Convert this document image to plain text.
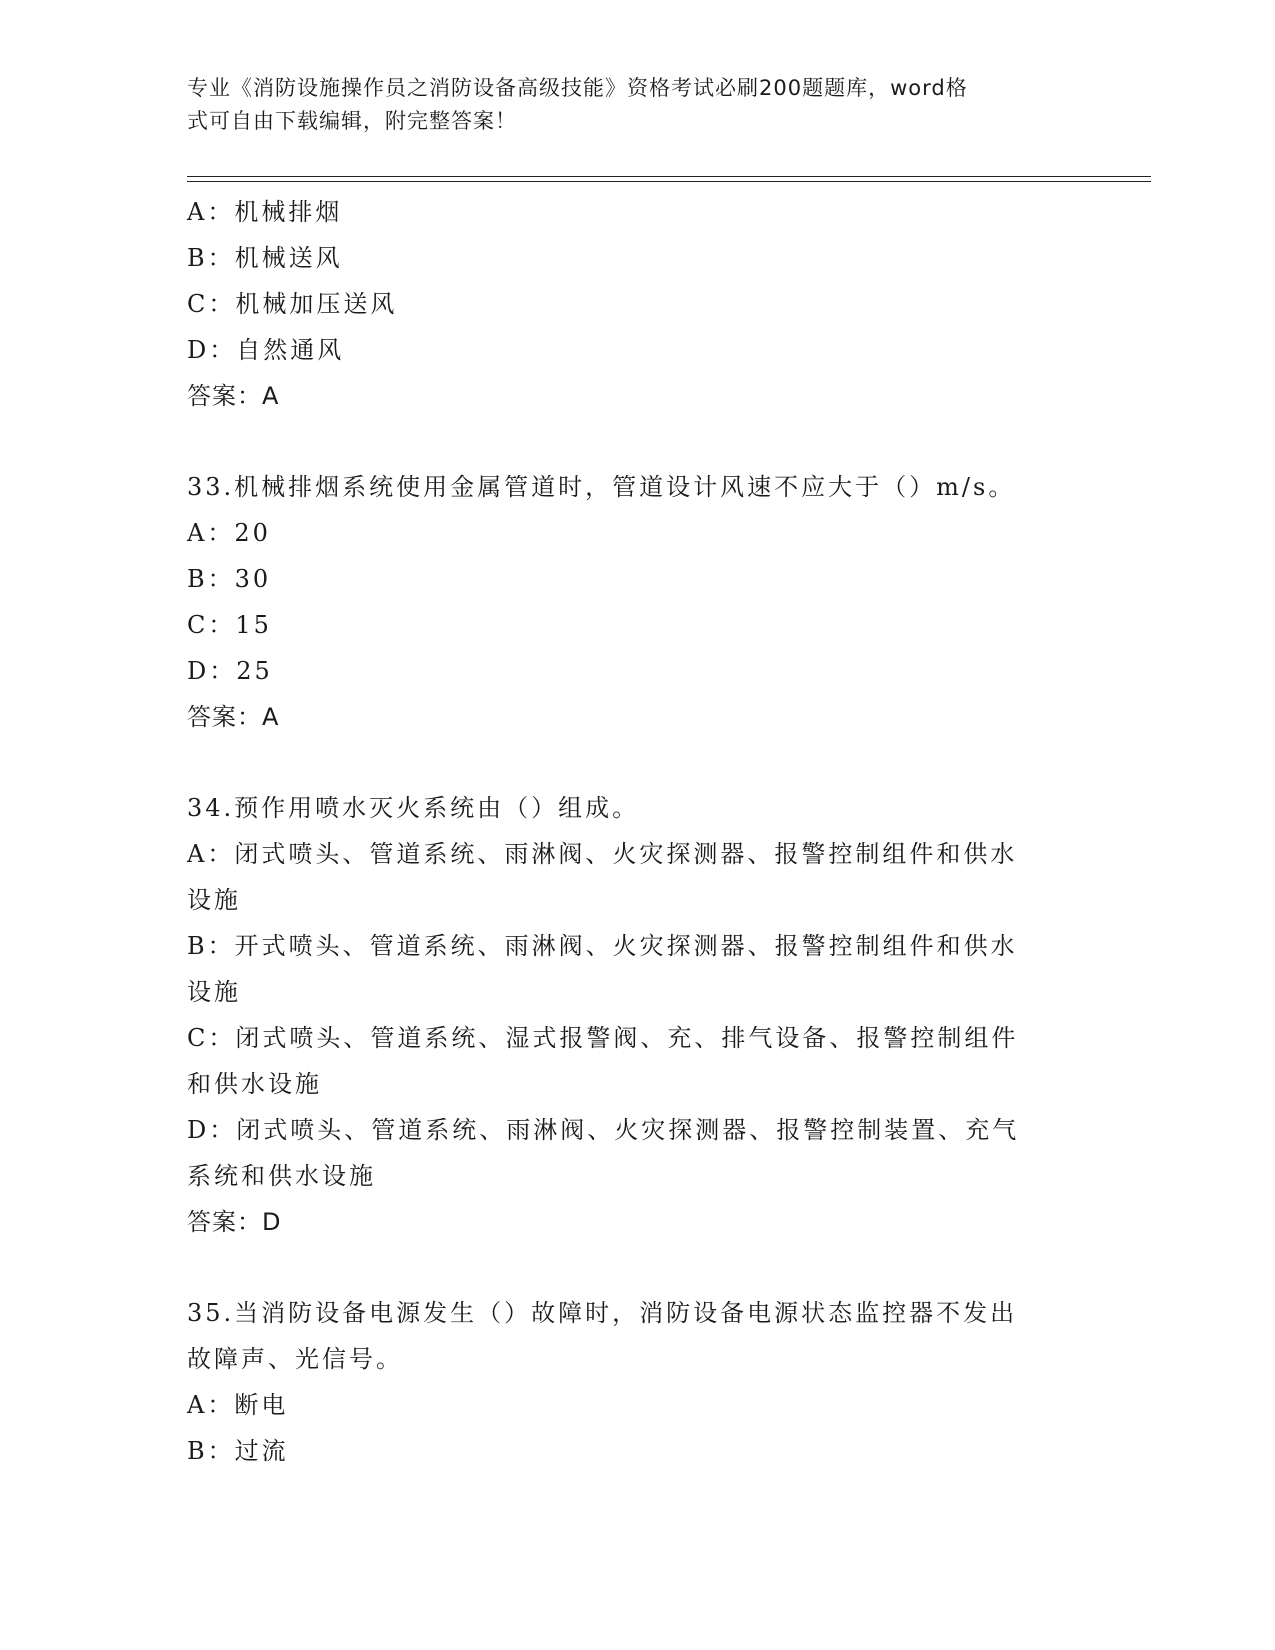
专业《消防设施操作员之消防设备高级技能》资格考试必刷200题题库，word格
式可自由下载编辑，附完整答案！
A：机械排烟
B：机械送风
C：机械加压送风
D：自然通风
答案：A
33.机械排烟系统使用金属管道时，管道设计风速不应大于（）m/s。
A：20
B：30
C：15
D：25
答案：A
34.预作用喷水灭火系统由（）组成。
A：闭式喷头、管道系统、雨淋阀、火灾探测器、报警控制组件和供水
设施
B：开式喷头、管道系统、雨淋阀、火灾探测器、报警控制组件和供水
设施
C：闭式喷头、管道系统、湿式报警阀、充、排气设备、报警控制组件
和供水设施
D：闭式喷头、管道系统、雨淋阀、火灾探测器、报警控制装置、充气
系统和供水设施
答案：D
35.当消防设备电源发生（）故障时，消防设备电源状态监控器不发出
故障声、光信号。
A：断电
B：过流
